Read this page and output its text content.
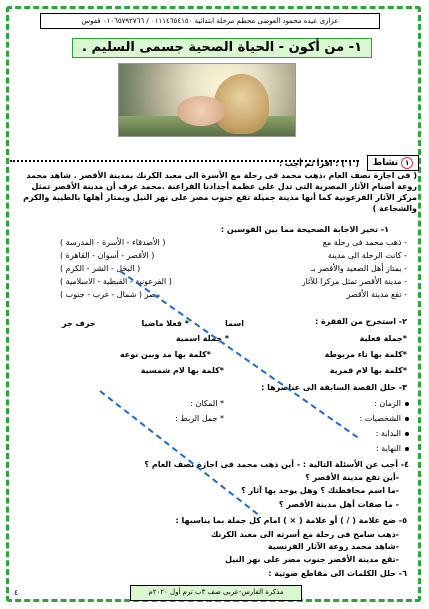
عزازى عيده محمود العوضى محطم مرحلة ابتدائية ٠١١١٤٦٥٤١٥٠ / ٠١٠٦٥٧٩٢٧٦٦ قفوس
١- من أكون - الحياة الصحية جسمى السليم .
١نشاط
( ١ ) : اقرأ ثم أجب :
( فى اجازة نصف العام ،ذهب محمد فى رحلة مع الأسرة الى معبد الكرنك بمدينة الأقصر . شاهد محمد روعة أصنام الآثار المصرية التى تدل على عظمة أجدادنا الفراعنة .محمد عرف أن مدينة الأقصر تمثل مركز الآثار الفرعونية كما أنها مدينة جميلة تقع جنوب مصر على نهر النيل ويمتاز أهلها بالطيبة والكرم والشجاعة )
١- تخير الاجابة الصحيحة مما بين القوسين :
- ذهب محمد فى رحلة مع
( الأصدقاء - الأسرة - المدرسة )
- كانت الرحلة الى مدينة
( الأقصر - أسوان - القاهرة )
- يمتاز أهل الصعيد والأقصر بـ
( البخل - الشر - الكرم )
- مدينة الأقصر تمثل مركزا للآثار
( الفرعونية - القبطية - الاسلامية )
- تقع مدينة الأقصر
مصر ( شمال - غرب - جنوب )
٢- استخرج من الفقرة :
اسما
* فعلا ماضيا
حرف جر
*جملة فعلية
* جملة اسمية
*كلمة بها تاء مربوطة
*كلمة بها مد وبين نوعه
*كلمة بها لام قمرية
*كلمة بها لام شمسية
٣- حلل القصة السابقة الى عناصرها :
الزمان :
* المكان :
الشخصيات :
* جمل الربط :
البداية :
النهاية :
٤- أجب عن الأسئلة التالية : - أين ذهب محمد فى اجازة نصف العام ؟
-أين تقع مدينة الأقصر ؟
-ما اسم محافظتك ؟ وهل يوجد بها آثار ؟
- ما صفات أهل مدينة الأقصر ؟
٥- ضع علامة ( / ) أو علامة ( × ) امام كل جملة بما يناسبها :
-ذهب سامح فى رحلة مع أسرته الى معبد الكرنك
-شاهد محمد روعة الآثار الفرنسية
-تقع مدينة الأقصر جنوب مصر على نهر النيل
٦- حلل الكلمات الى مقاطع صوتية :
مذكرة الفارس-عربى صف ٣ب ترم أول ٢٠٢٠م
٤
